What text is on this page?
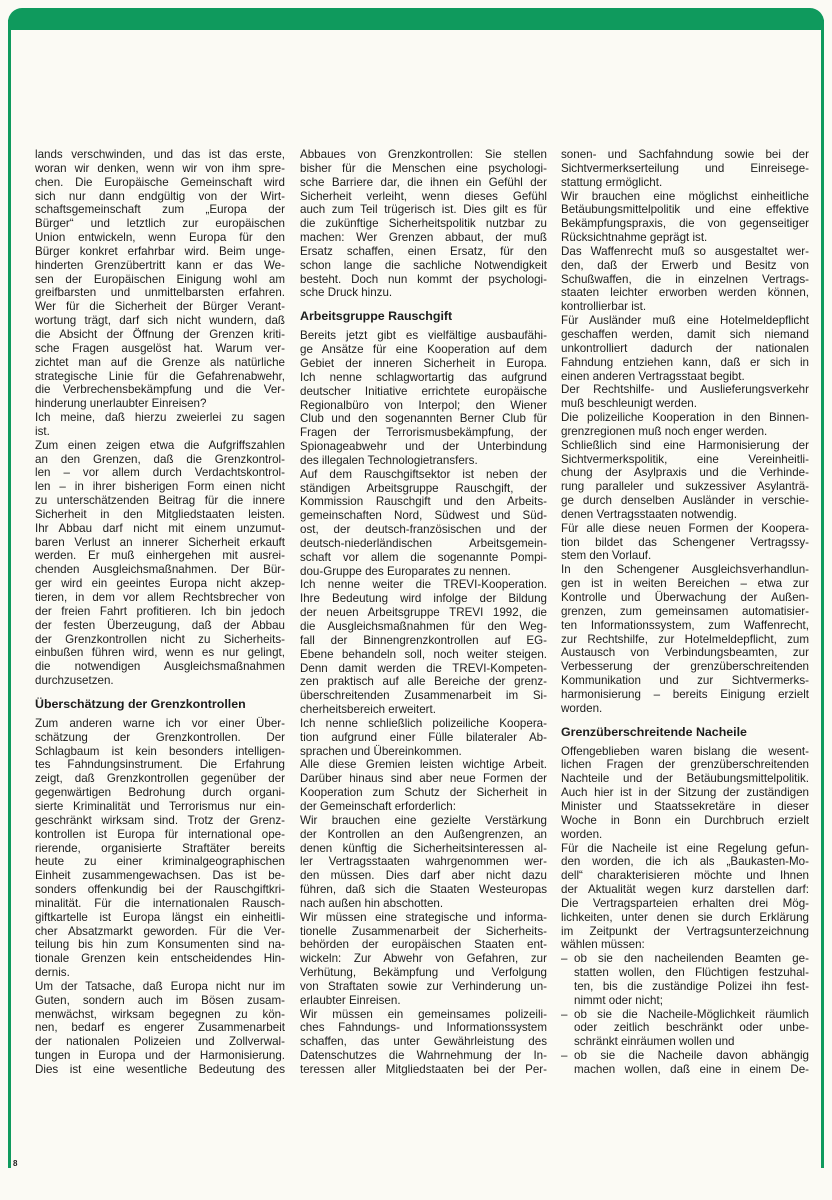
lands verschwinden, und das ist das erste,
woran wir denken, wenn wir von ihm spre-
chen. Die Europäische Gemeinschaft wird
sich nur dann endgültig von der Wirt-
schaftsgemeinschaft zum „Europa der
Bürger“ und letztlich zur europäischen
Union entwickeln, wenn Europa für den
Bürger konkret erfahrbar wird. Beim unge-
hinderten Grenzübertritt kann er das We-
sen der Europäischen Einigung wohl am
greifbarsten und unmittelbarsten erfahren.
Wer für die Sicherheit der Bürger Verant-
wortung trägt, darf sich nicht wundern, daß
die Absicht der Öffnung der Grenzen kriti-
sche Fragen ausgelöst hat. Warum ver-
zichtet man auf die Grenze als natürliche
strategische Linie für die Gefahrenabwehr,
die Verbrechensbekämpfung und die Ver-
hinderung unerlaubter Einreisen?
Ich meine, daß hierzu zweierlei zu sagen
ist.
Zum einen zeigen etwa die Aufgriffszahlen
an den Grenzen, daß die Grenzkontrol-
len – vor allem durch Verdachtskontrol-
len – in ihrer bisherigen Form einen nicht
zu unterschätzenden Beitrag für die innere
Sicherheit in den Mitgliedstaaten leisten.
Ihr Abbau darf nicht mit einem unzumut-
baren Verlust an innerer Sicherheit erkauft
werden. Er muß einhergehen mit ausrei-
chenden Ausgleichsmaßnahmen. Der Bür-
ger wird ein geeintes Europa nicht akzep-
tieren, in dem vor allem Rechtsbrecher von
der freien Fahrt profitieren. Ich bin jedoch
der festen Überzeugung, daß der Abbau
der Grenzkontrollen nicht zu Sicherheits-
einbußen führen wird, wenn es nur gelingt,
die notwendigen Ausgleichsmaßnahmen
durchzusetzen.
Überschätzung der Grenzkontrollen
Zum anderen warne ich vor einer Über-
schätzung der Grenzkontrollen. Der
Schlagbaum ist kein besonders intelligen-
tes Fahndungsinstrument. Die Erfahrung
zeigt, daß Grenzkontrollen gegenüber der
gegenwärtigen Bedrohung durch organi-
sierte Kriminalität und Terrorismus nur ein-
geschränkt wirksam sind. Trotz der Grenz-
kontrollen ist Europa für international ope-
rierende, organisierte Straftäter bereits
heute zu einer kriminalgeographischen
Einheit zusammengewachsen. Das ist be-
sonders offenkundig bei der Rauschgiftkri-
minalität. Für die internationalen Rausch-
giftkartelle ist Europa längst ein einheitli-
cher Absatzmarkt geworden. Für die Ver-
teilung bis hin zum Konsumenten sind na-
tionale Grenzen kein entscheidendes Hin-
dernis.
Um der Tatsache, daß Europa nicht nur im
Guten, sondern auch im Bösen zusam-
menwächst, wirksam begegnen zu kön-
nen, bedarf es engerer Zusammenarbeit
der nationalen Polizeien und Zollverwal-
tungen in Europa und der Harmonisierung.
Dies ist eine wesentliche Bedeutung des
Abbaues von Grenzkontrollen: Sie stellen
bisher für die Menschen eine psychologi-
sche Barriere dar, die ihnen ein Gefühl der
Sicherheit verleiht, wenn dieses Gefühl
auch zum Teil trügerisch ist. Dies gilt es für
die zukünftige Sicherheitspolitik nutzbar zu
machen: Wer Grenzen abbaut, der muß
Ersatz schaffen, einen Ersatz, für den
schon lange die sachliche Notwendigkeit
besteht. Doch nun kommt der psychologi-
sche Druck hinzu.
Arbeitsgruppe Rauschgift
Bereits jetzt gibt es vielfältige ausbaufähi-
ge Ansätze für eine Kooperation auf dem
Gebiet der inneren Sicherheit in Europa.
Ich nenne schlagwortartig das aufgrund
deutscher Initiative errichtete europäische
Regionalbüro von Interpol; den Wiener
Club und den sogenannten Berner Club für
Fragen der Terrorismusbekämpfung, der
Spionageabwehr und der Unterbindung
des illegalen Technologietransfers.
Auf dem Rauschgiftsektor ist neben der
ständigen Arbeitsgruppe Rauschgift, der
Kommission Rauschgift und den Arbeits-
gemeinschaften Nord, Südwest und Süd-
ost, der deutsch-französischen und der
deutsch-niederländischen Arbeitsgemein-
schaft vor allem die sogenannte Pompi-
dou-Gruppe des Europarates zu nennen.
Ich nenne weiter die TREVI-Kooperation.
Ihre Bedeutung wird infolge der Bildung
der neuen Arbeitsgruppe TREVI 1992, die
die Ausgleichsmaßnahmen für den Weg-
fall der Binnengrenzkontrollen auf EG-
Ebene behandeln soll, noch weiter steigen.
Denn damit werden die TREVI-Kompeten-
zen praktisch auf alle Bereiche der grenz-
überschreitenden Zusammenarbeit im Si-
cherheitsbereich erweitert.
Ich nenne schließlich polizeiliche Koopera-
tion aufgrund einer Fülle bilateraler Ab-
sprachen und Übereinkommen.
Alle diese Gremien leisten wichtige Arbeit.
Darüber hinaus sind aber neue Formen der
Kooperation zum Schutz der Sicherheit in
der Gemeinschaft erforderlich:
Wir brauchen eine gezielte Verstärkung
der Kontrollen an den Außengrenzen, an
denen künftig die Sicherheitsinteressen al-
ler Vertragsstaaten wahrgenommen wer-
den müssen. Dies darf aber nicht dazu
führen, daß sich die Staaten Westeuropas
nach außen hin abschotten.
Wir müssen eine strategische und informa-
tionelle Zusammenarbeit der Sicherheits-
behörden der europäischen Staaten ent-
wickeln: Zur Abwehr von Gefahren, zur
Verhütung, Bekämpfung und Verfolgung
von Straftaten sowie zur Verhinderung un-
erlaubter Einreisen.
Wir müssen ein gemeinsames polizeili-
ches Fahndungs- und Informationssystem
schaffen, das unter Gewährleistung des
Datenschutzes die Wahrnehmung der In-
teressen aller Mitgliedstaaten bei der Per-
sonen- und Sachfahndung sowie bei der
Sichtvermerkserteilung und Einreisege-
stattung ermöglicht.
Wir brauchen eine möglichst einheitliche
Betäubungsmittelpolitik und eine effektive
Bekämpfungspraxis, die von gegenseitiger
Rücksichtnahme geprägt ist.
Das Waffenrecht muß so ausgestaltet wer-
den, daß der Erwerb und Besitz von
Schußwaffen, die in einzelnen Vertrags-
staaten leichter erworben werden können,
kontrollierbar ist.
Für Ausländer muß eine Hotelmeldepflicht
geschaffen werden, damit sich niemand
unkontrolliert dadurch der nationalen
Fahndung entziehen kann, daß er sich in
einen anderen Vertragsstaat begibt.
Der Rechtshilfe- und Auslieferungsverkehr
muß beschleunigt werden.
Die polizeiliche Kooperation in den Binnen-
grenzregionen muß noch enger werden.
Schließlich sind eine Harmonisierung der
Sichtvermerkspolitik, eine Vereinheitli-
chung der Asylpraxis und die Verhinde-
rung paralleler und sukzessiver Asylanträ-
ge durch denselben Ausländer in verschie-
denen Vertragsstaaten notwendig.
Für alle diese neuen Formen der Koopera-
tion bildet das Schengener Vertragssy-
stem den Vorlauf.
In den Schengener Ausgleichsverhandlun-
gen ist in weiten Bereichen – etwa zur
Kontrolle und Überwachung der Außen-
grenzen, zum gemeinsamen automatisier-
ten Informationssystem, zum Waffenrecht,
zur Rechtshilfe, zur Hotelmeldepflicht, zum
Austausch von Verbindungsbeamten, zur
Verbesserung der grenzüberschreitenden
Kommunikation und zur Sichtvermerks-
harmonisierung – bereits Einigung erzielt
worden.
Grenzüberschreitende Nacheile
Offengeblieben waren bislang die wesent-
lichen Fragen der grenzüberschreitenden
Nachteile und der Betäubungsmittelpolitik.
Auch hier ist in der Sitzung der zuständigen
Minister und Staatssekretäre in dieser
Woche in Bonn ein Durchbruch erzielt
worden.
Für die Nacheile ist eine Regelung gefun-
den worden, die ich als „Baukasten-Mo-
dell“ charakterisieren möchte und Ihnen
der Aktualität wegen kurz darstellen darf:
Die Vertragsparteien erhalten drei Mög-
lichkeiten, unter denen sie durch Erklärung
im Zeitpunkt der Vertragsunterzeichnung
wählen müssen:
– ob sie den nacheilenden Beamten ge-
statten wollen, den Flüchtigen festzuhal-
ten, bis die zuständige Polizei ihn fest-
nimmt oder nicht;
– ob sie die Nacheile-Möglichkeit räumlich
oder zeitlich beschränkt oder unbe-
schränkt einräumen wollen und
– ob sie die Nacheile davon abhängig
machen wollen, daß eine in einem De-
8
